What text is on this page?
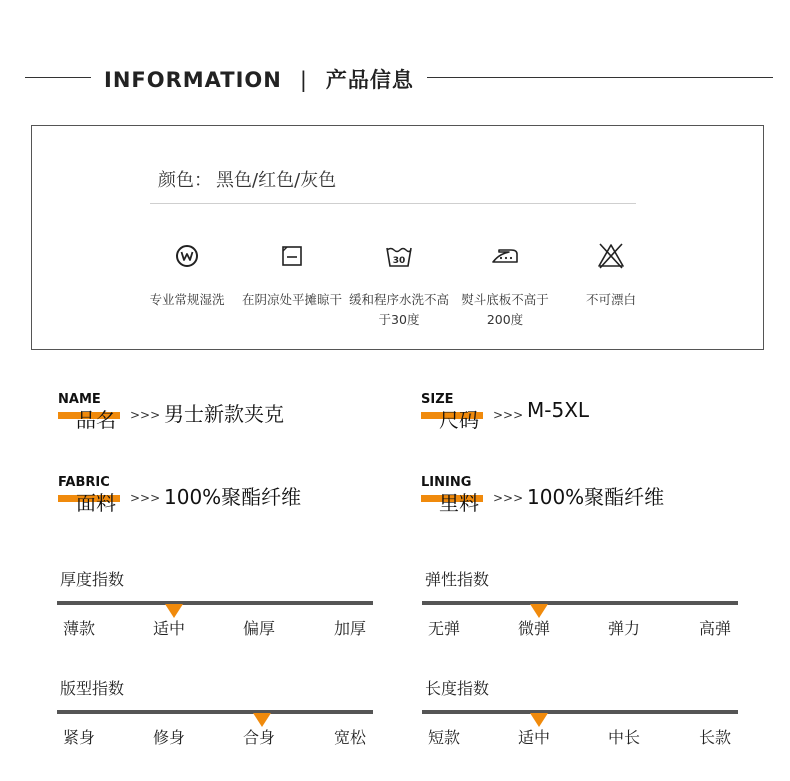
INFORMATION | 产品信息
颜色： 黑色/红色/灰色
专业常规湿洗	在阴凉处平摊晾干
30
缓和程序水洗不高于30度
熨斗底板不高于200度
不可漂白
NAME
品名 >>> 男士新款夹克
SIZE
尺码 >>> M-5XL
FABRIC
面料 >>> 100%聚酯纤维
LINING
里料 >>> 100%聚酯纤维
厚度指数
薄款	适中	偏厚	加厚
弹性指数
无弹	微弹	弹力	高弹
版型指数
紧身	修身	合身	宽松
长度指数
短款	适中	中长	长款
